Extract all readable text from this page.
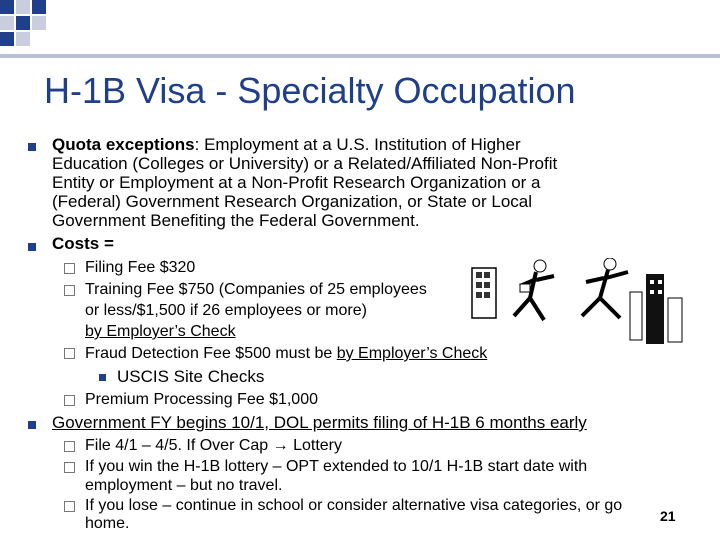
H-1B Visa - Specialty Occupation
Quota exceptions: Employment at a U.S. Institution of Higher
Education (Colleges or University) or a Related/Affiliated Non-Profit
Entity or Employment at a Non-Profit Research Organization or a
(Federal) Government Research Organization, or State or Local
Government Benefiting the Federal Government.
Costs =
Filing Fee $320
Training Fee $750 (Companies of 25 employees
or less/$1,500 if 26 employees or more)
by Employer’s Check
Fraud Detection Fee $500 must be by Employer’s Check
USCIS Site Checks
Premium Processing Fee $1,000
Government FY begins 10/1, DOL permits filing of H-1B 6 months early
File 4/1 – 4/5. If Over Cap → Lottery
If you win the H-1B lottery – OPT extended to 10/1 H-1B start date with
employment – but no travel.
If you lose – continue in school or consider alternative visa categories, or go
home.	21
